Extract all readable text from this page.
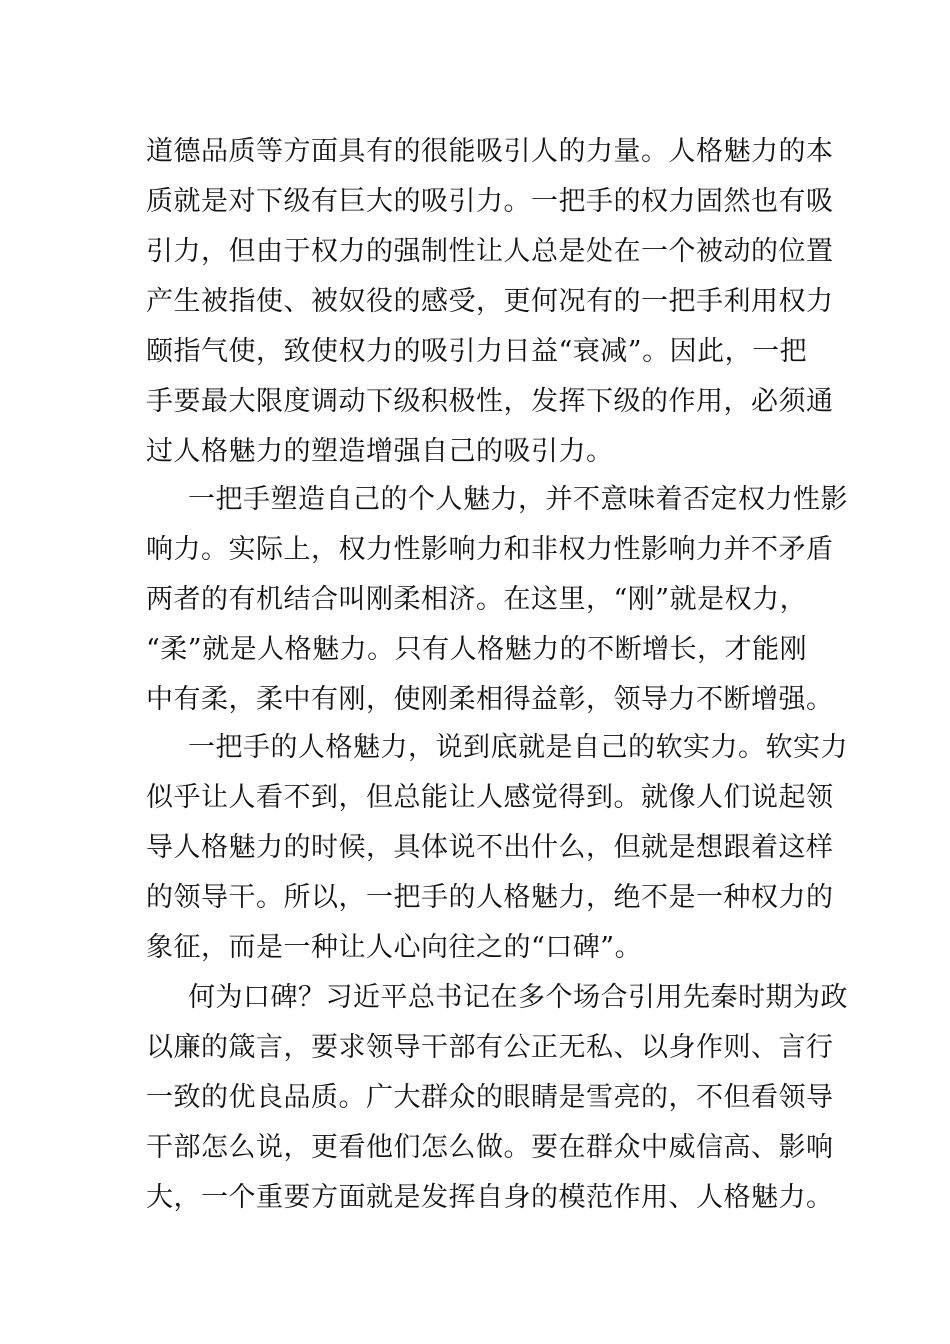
道德品质等方面具有的很能吸引人的力量。人格魅力的本
质就是对下级有巨大的吸引力。一把手的权力固然也有吸
引力，但由于权力的强制性让人总是处在一个被动的位置
产生被指使、被奴役的感受，更何况有的一把手利用权力
颐指气使，致使权力的吸引力日益“衰减”。因此，一把
手要最大限度调动下级积极性，发挥下级的作用，必须通
过人格魅力的塑造增强自己的吸引力。
一把手塑造自己的个人魅力，并不意味着否定权力性影
响力。实际上，权力性影响力和非权力性影响力并不矛盾
两者的有机结合叫刚柔相济。在这里，“刚”就是权力，
“柔”就是人格魅力。只有人格魅力的不断增长，才能刚
中有柔，柔中有刚，使刚柔相得益彰，领导力不断增强。
一把手的人格魅力，说到底就是自己的软实力。软实力
似乎让人看不到，但总能让人感觉得到。就像人们说起领
导人格魅力的时候，具体说不出什么，但就是想跟着这样
的领导干。所以，一把手的人格魅力，绝不是一种权力的
象征，而是一种让人心向往之的“口碑”。
何为口碑？习近平总书记在多个场合引用先秦时期为政
以廉的箴言，要求领导干部有公正无私、以身作则、言行
一致的优良品质。广大群众的眼睛是雪亮的，不但看领导
干部怎么说，更看他们怎么做。要在群众中威信高、影响
大，一个重要方面就是发挥自身的模范作用、人格魅力。
